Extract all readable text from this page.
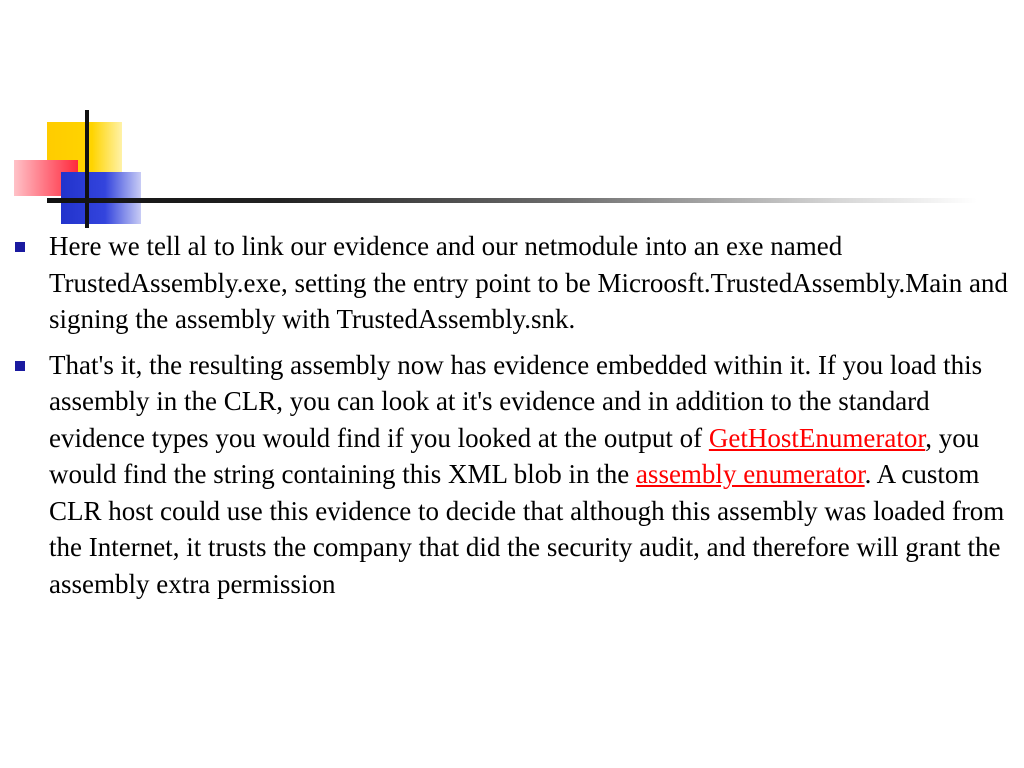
Here we tell al to link our evidence and our netmodule into an exe named TrustedAssembly.exe, setting the entry point to be Microosft.TrustedAssembly.Main and signing the assembly with TrustedAssembly.snk.
That's it, the resulting assembly now has evidence embedded within it. If you load this assembly in the CLR, you can look at it's evidence and in addition to the standard evidence types you would find if you looked at the output of GetHostEnumerator, you would find the string containing this XML blob in the assembly enumerator. A custom CLR host could use this evidence to decide that although this assembly was loaded from the Internet, it trusts the company that did the security audit, and therefore will grant the assembly extra permission
